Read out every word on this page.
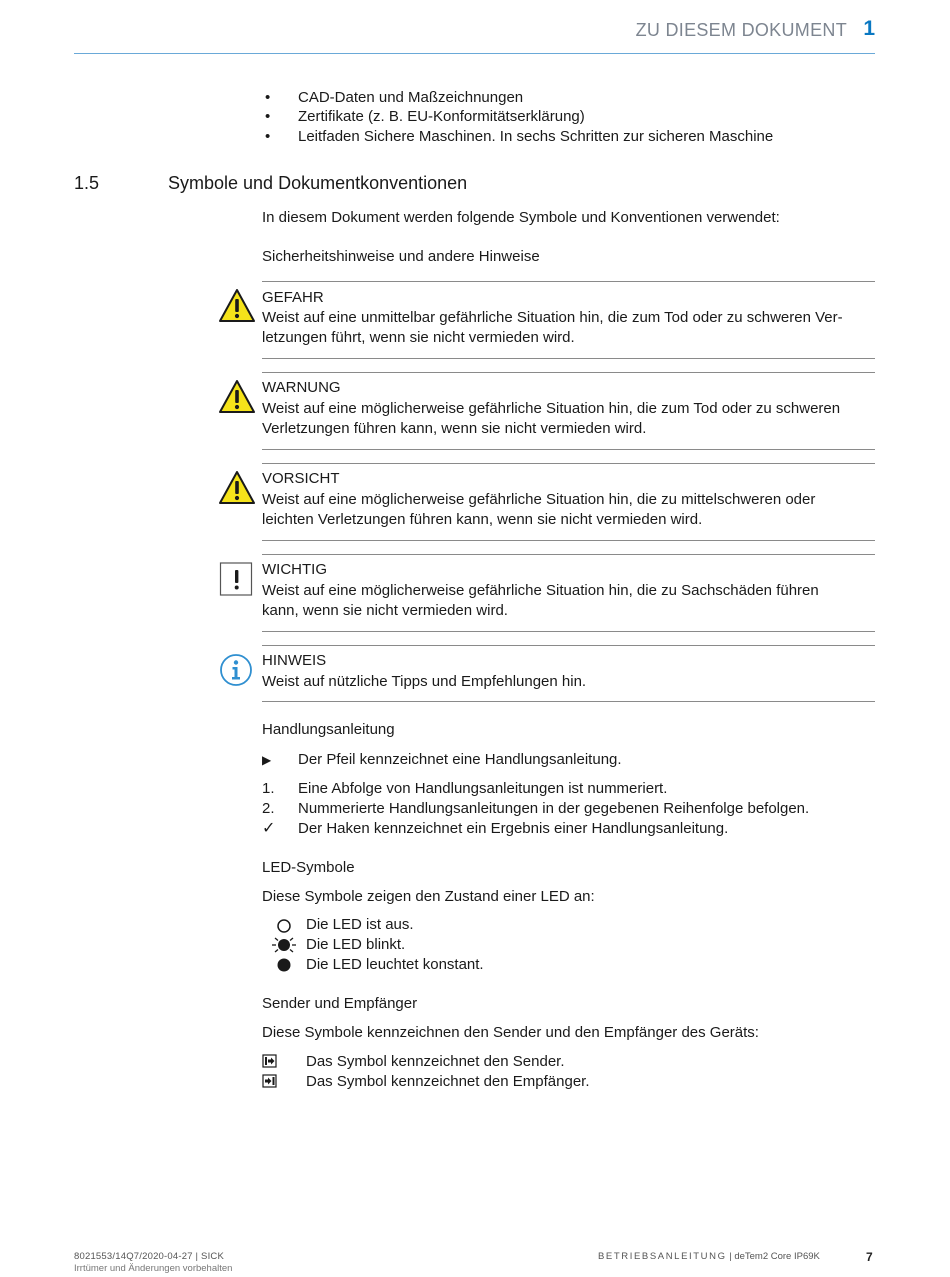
ZU DIESEM DOKUMENT 1
• CAD-Daten und Maßzeichnungen
• Zertifikate (z. B. EU-Konformitätserklärung)
• Leitfaden Sichere Maschinen. In sechs Schritten zur sicheren Maschine
1.5	Symbole und Dokumentkonventionen
In diesem Dokument werden folgende Symbole und Konventionen verwendet:
Sicherheitshinweise und andere Hinweise
GEFAHR
Weist auf eine unmittelbar gefährliche Situation hin, die zum Tod oder zu schweren Ver-
letzungen führt, wenn sie nicht vermieden wird.
WARNUNG
Weist auf eine möglicherweise gefährliche Situation hin, die zum Tod oder zu schweren
Verletzungen führen kann, wenn sie nicht vermieden wird.
VORSICHT
Weist auf eine möglicherweise gefährliche Situation hin, die zu mittelschweren oder
leichten Verletzungen führen kann, wenn sie nicht vermieden wird.
WICHTIG
Weist auf eine möglicherweise gefährliche Situation hin, die zu Sachschäden führen
kann, wenn sie nicht vermieden wird.
HINWEIS
Weist auf nützliche Tipps und Empfehlungen hin.
Handlungsanleitung
▶ Der Pfeil kennzeichnet eine Handlungsanleitung.
1. Eine Abfolge von Handlungsanleitungen ist nummeriert.
2. Nummerierte Handlungsanleitungen in der gegebenen Reihenfolge befolgen.
✓ Der Haken kennzeichnet ein Ergebnis einer Handlungsanleitung.
LED-Symbole
Diese Symbole zeigen den Zustand einer LED an:
Die LED ist aus.
Die LED blinkt.
Die LED leuchtet konstant.
Sender und Empfänger
Diese Symbole kennzeichnen den Sender und den Empfänger des Geräts:
Das Symbol kennzeichnet den Sender.
Das Symbol kennzeichnet den Empfänger.
8021553/14Q7/2020-04-27 | SICK
Irrtümer und Änderungen vorbehalten
BETRIEBSANLEITUNG | deTem2 Core IP69K	7
